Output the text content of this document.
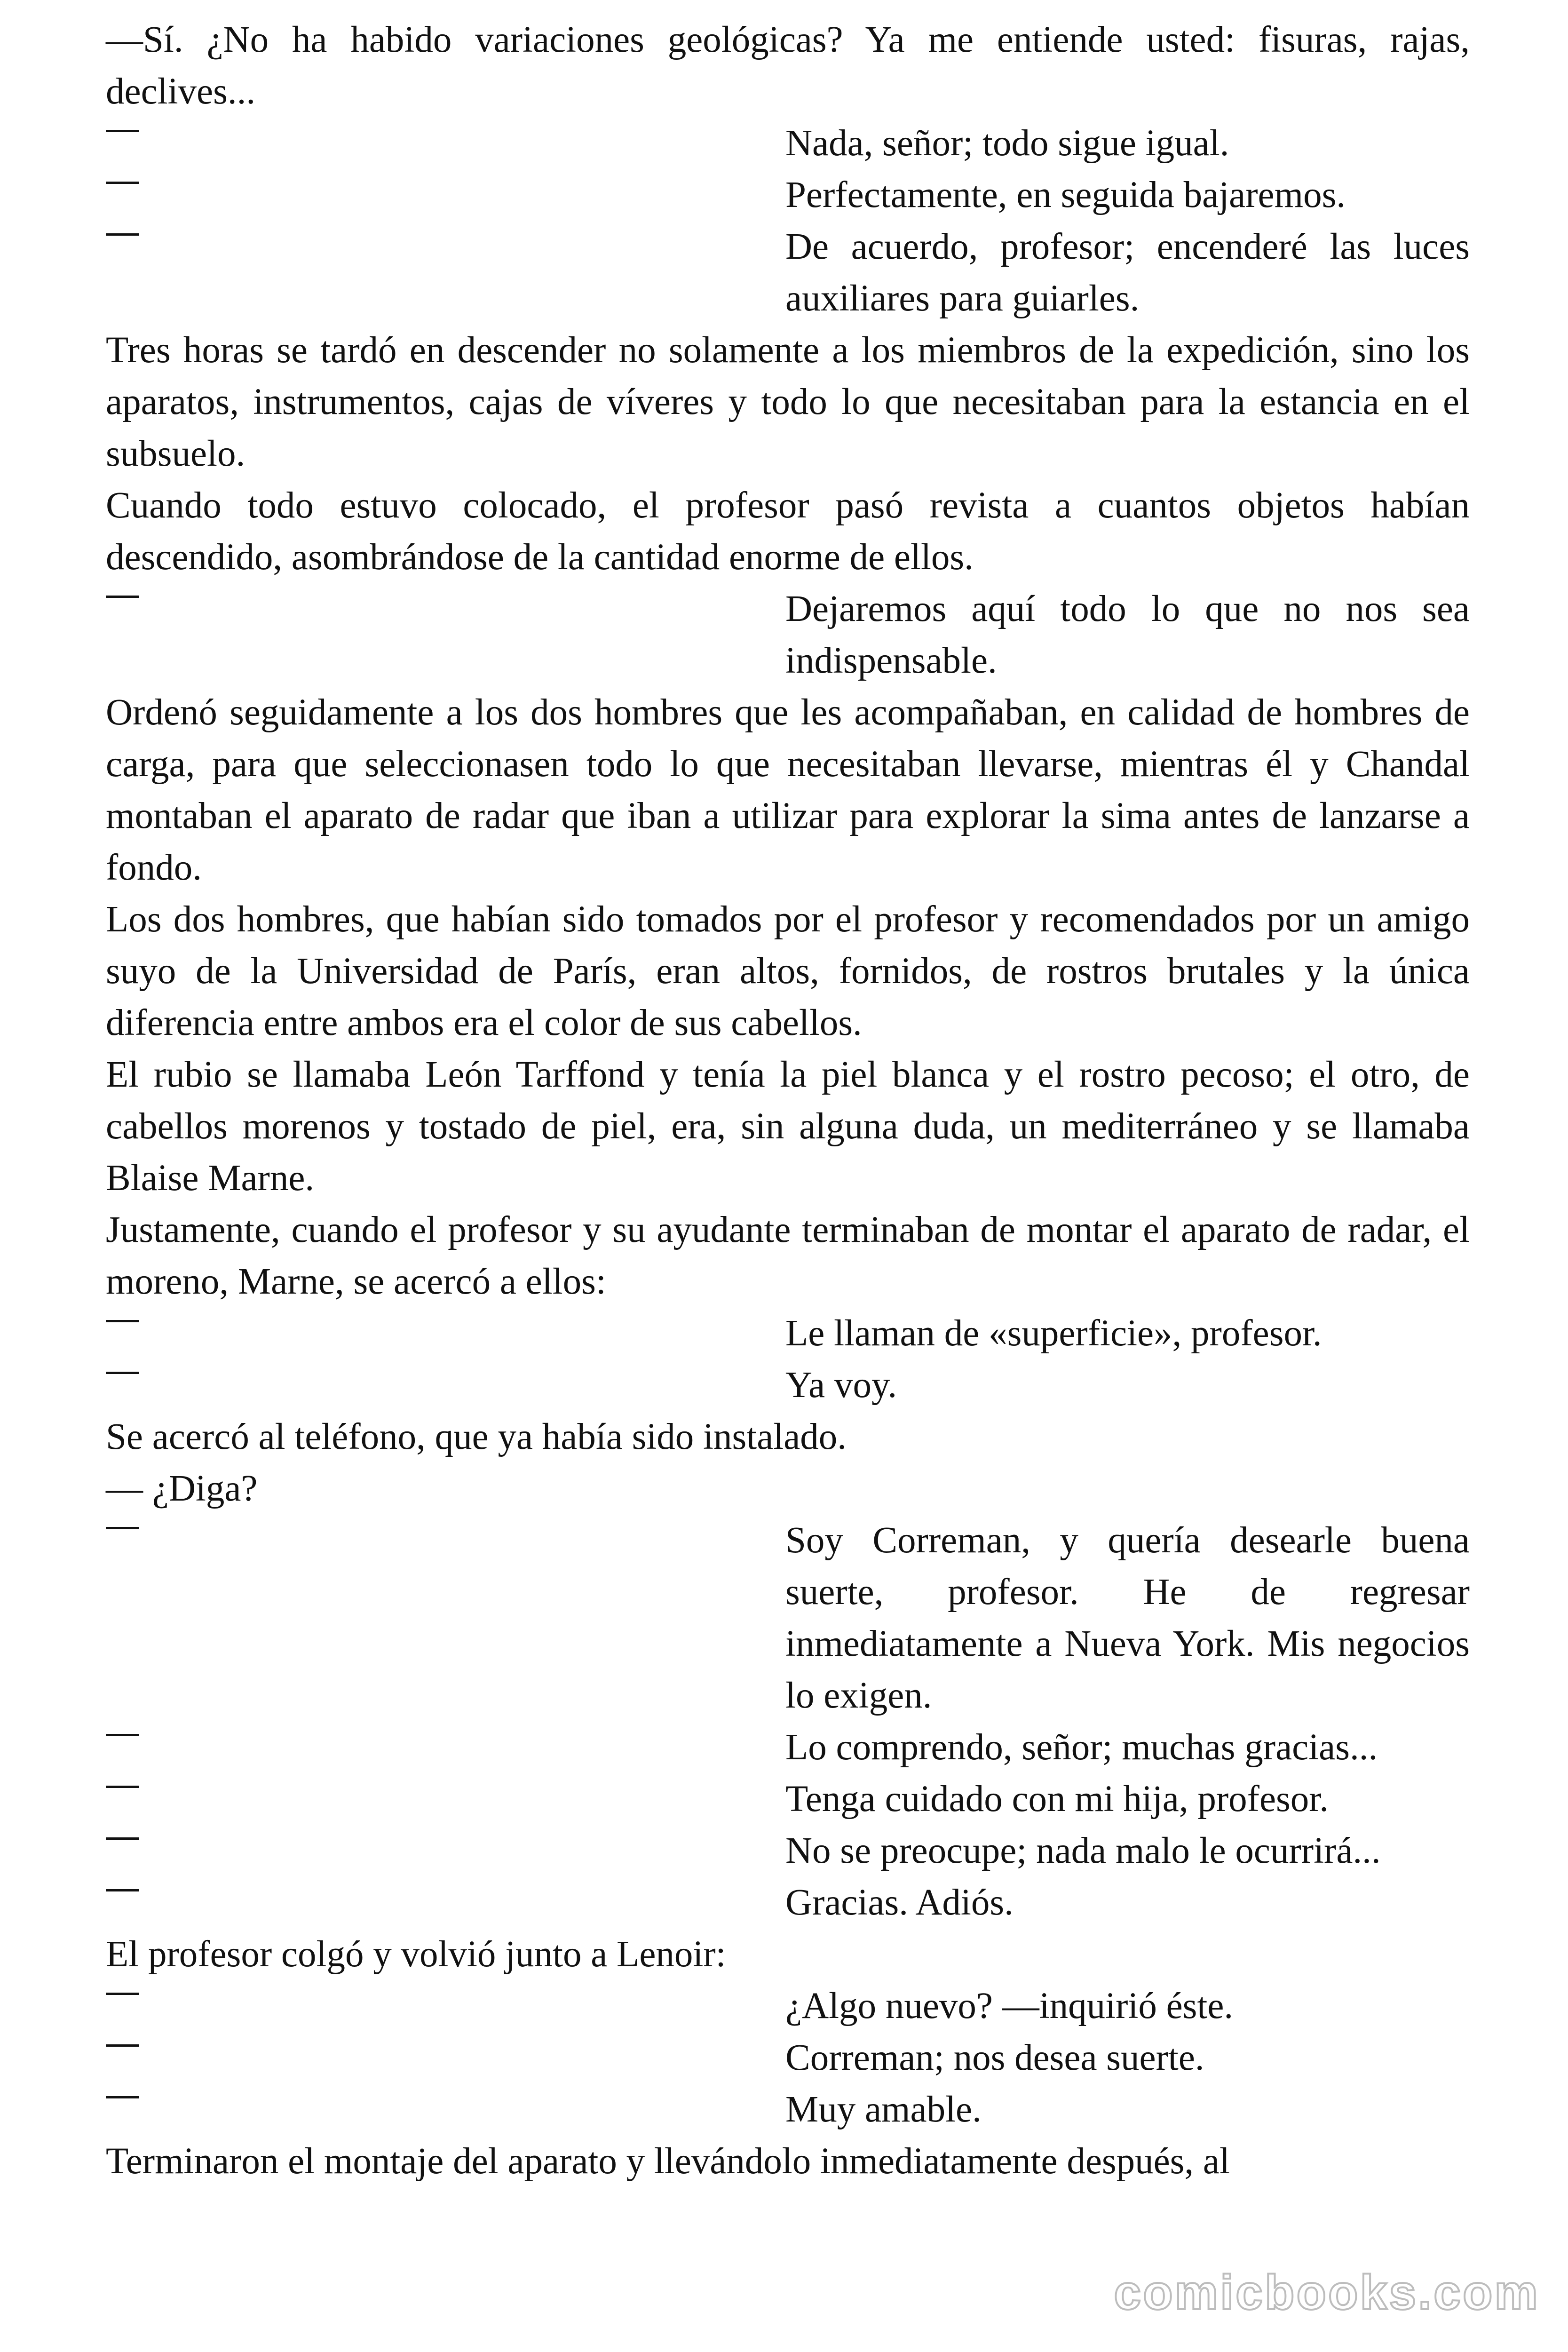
—Sí. ¿No ha habido variaciones geológicas? Ya me entiende usted: fisuras, rajas, declives...

Nada, señor; todo sigue igual.
Perfectamente, en seguida bajaremos.
De acuerdo, profesor; encenderé las luces auxiliares para guiarles.

Tres horas se tardó en descender no solamente a los miembros de la expedición, sino los aparatos, instrumentos, cajas de víveres y todo lo que necesitaban para la estancia en el subsuelo.

Cuando todo estuvo colocado, el profesor pasó revista a cuantos objetos habían descendido, asombrándose de la cantidad enorme de ellos.

Dejaremos aquí todo lo que no nos sea indispensable.

Ordenó seguidamente a los dos hombres que les acompañaban, en calidad de hombres de carga, para que seleccionasen todo lo que necesitaban llevarse, mientras él y Chandal montaban el aparato de radar que iban a utilizar para explorar la sima antes de lanzarse a fondo.

Los dos hombres, que habían sido tomados por el profesor y recomendados por un amigo suyo de la Universidad de París, eran altos, fornidos, de rostros brutales y la única diferencia entre ambos era el color de sus cabellos.

El rubio se llamaba León Tarffond y tenía la piel blanca y el rostro pecoso; el otro, de cabellos morenos y tostado de piel, era, sin alguna duda, un mediterráneo y se llamaba Blaise Marne.

Justamente, cuando el profesor y su ayudante terminaban de montar el aparato de radar, el moreno, Marne, se acercó a ellos:

Le llaman de «superficie», profesor.
Ya voy.

Se acercó al teléfono, que ya había sido instalado.

— ¿Diga?

Soy Correman, y quería desearle buena suerte, profesor. He de regresar inmediatamente a Nueva York. Mis negocios lo exigen.
Lo comprendo, señor; muchas gracias...
Tenga cuidado con mi hija, profesor.
No se preocupe; nada malo le ocurrirá...
Gracias. Adiós.

El profesor colgó y volvió junto a Lenoir:

¿Algo nuevo? —inquirió éste.
Correman; nos desea suerte.
Muy amable.

Terminaron el montaje del aparato y llevándolo inmediatamente después, al

comicbooks.com
